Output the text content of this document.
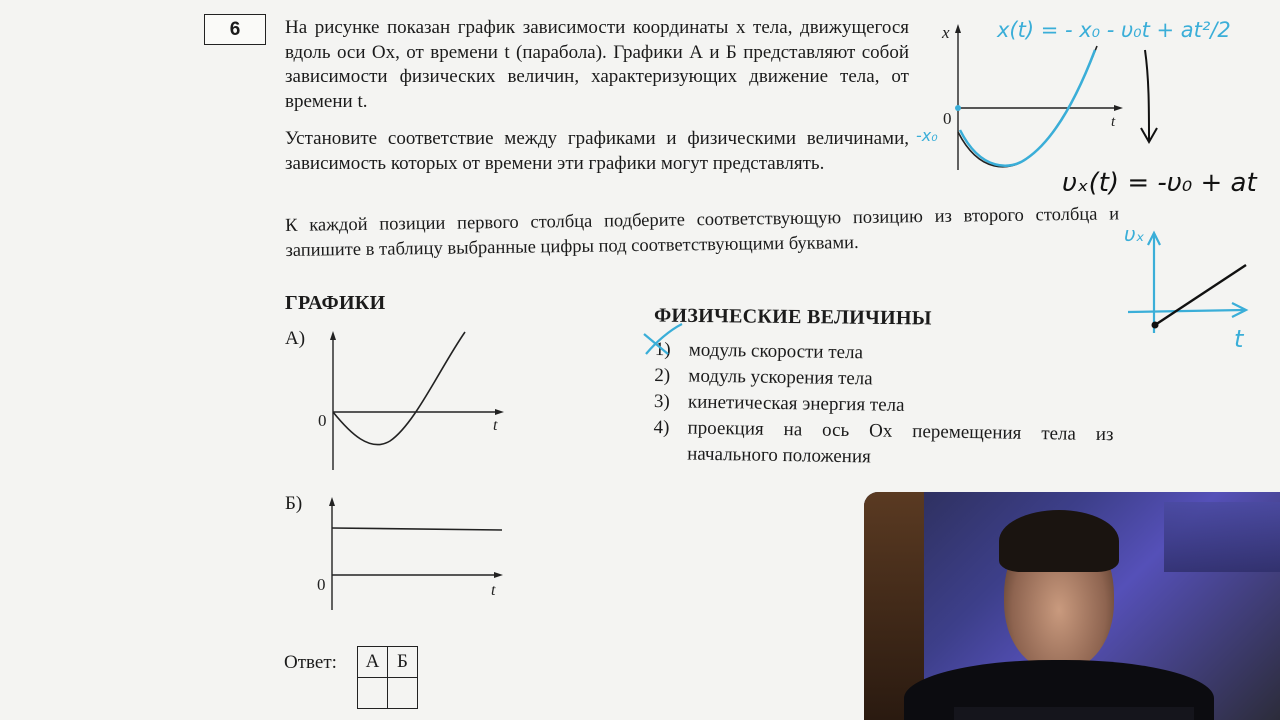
6	На рисунке показан график зависимости координаты x тела, движущегося вдоль оси Ox, от времени t (парабола). Графики А и Б представляют собой зависимости физических величин, характеризующих движение тела, от времени t.

Установите соответствие между графиками и физическими величинами, зависимость которых от времени эти графики могут представлять.

К каждой позиции первого столбца подберите соответствующую позицию из второго столбца и запишите в таблицу выбранные цифры под соответствующими буквами.

x
t
0
x(t) = - x₀ - υ₀t + at²/2
-x₀
υₓ(t) = -υ₀ + at
υₓ
t
ГРАФИКИ
А)
0	t
Б)
0	t
ФИЗИЧЕСКИЕ ВЕЛИЧИНЫ
1) модуль скорости тела
2) модуль ускорения тела
3) кинетическая энергия тела
4) проекция на ось Ox перемещения тела из начального положения
Ответ: А	Б
